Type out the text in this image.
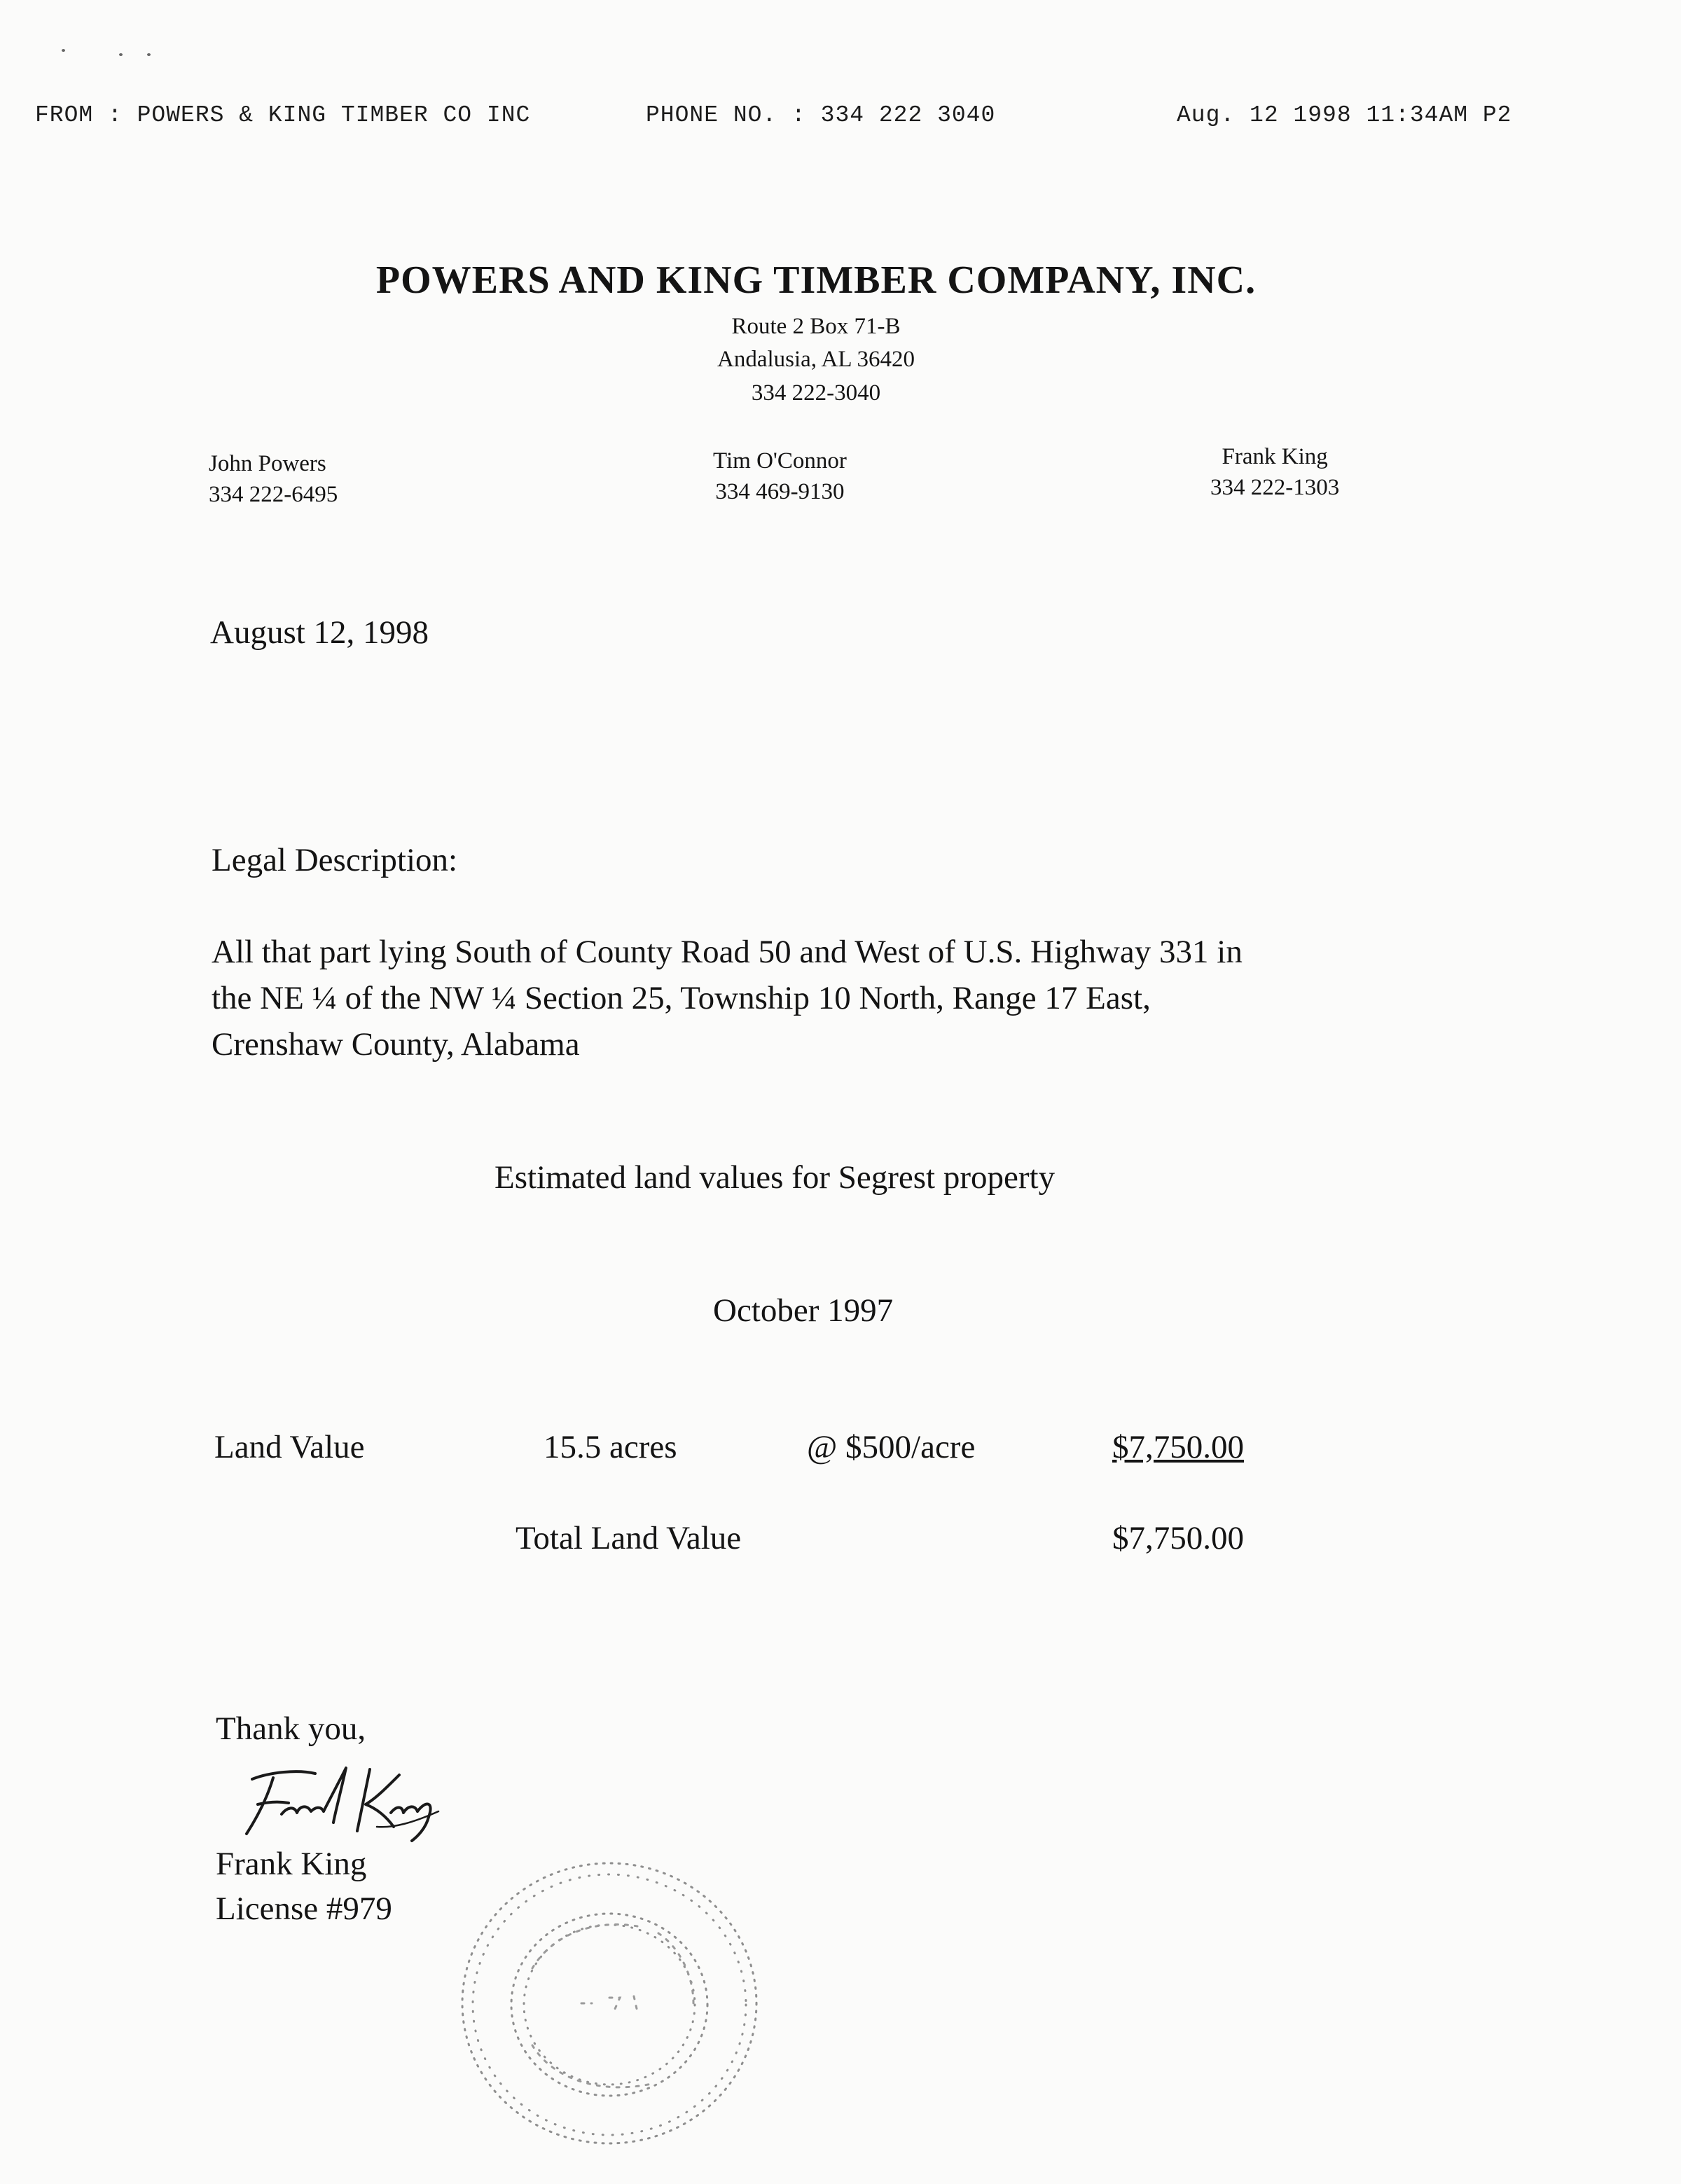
FROM : POWERS & KING TIMBER CO INC	PHONE NO. : 334 222 3040	Aug. 12 1998 11:34AM P2
POWERS AND KING TIMBER COMPANY, INC.
Route 2 Box 71-B
Andalusia, AL 36420
334 222-3040
John Powers
334 222-6495
Tim O'Connor
334 469-9130
Frank King
334 222-1303
August 12, 1998
Legal Description:
All that part lying South of County Road 50 and West of U.S. Highway 331 in
the NE ¼ of the NW ¼ Section 25, Township 10 North, Range 17 East,
Crenshaw County, Alabama
Estimated land values for Segrest property
October 1997
Land Value	15.5 acres	@ $500/acre	$7,750.00
Total Land Value	$7,750.00
Thank you,
Frank King
License #979
